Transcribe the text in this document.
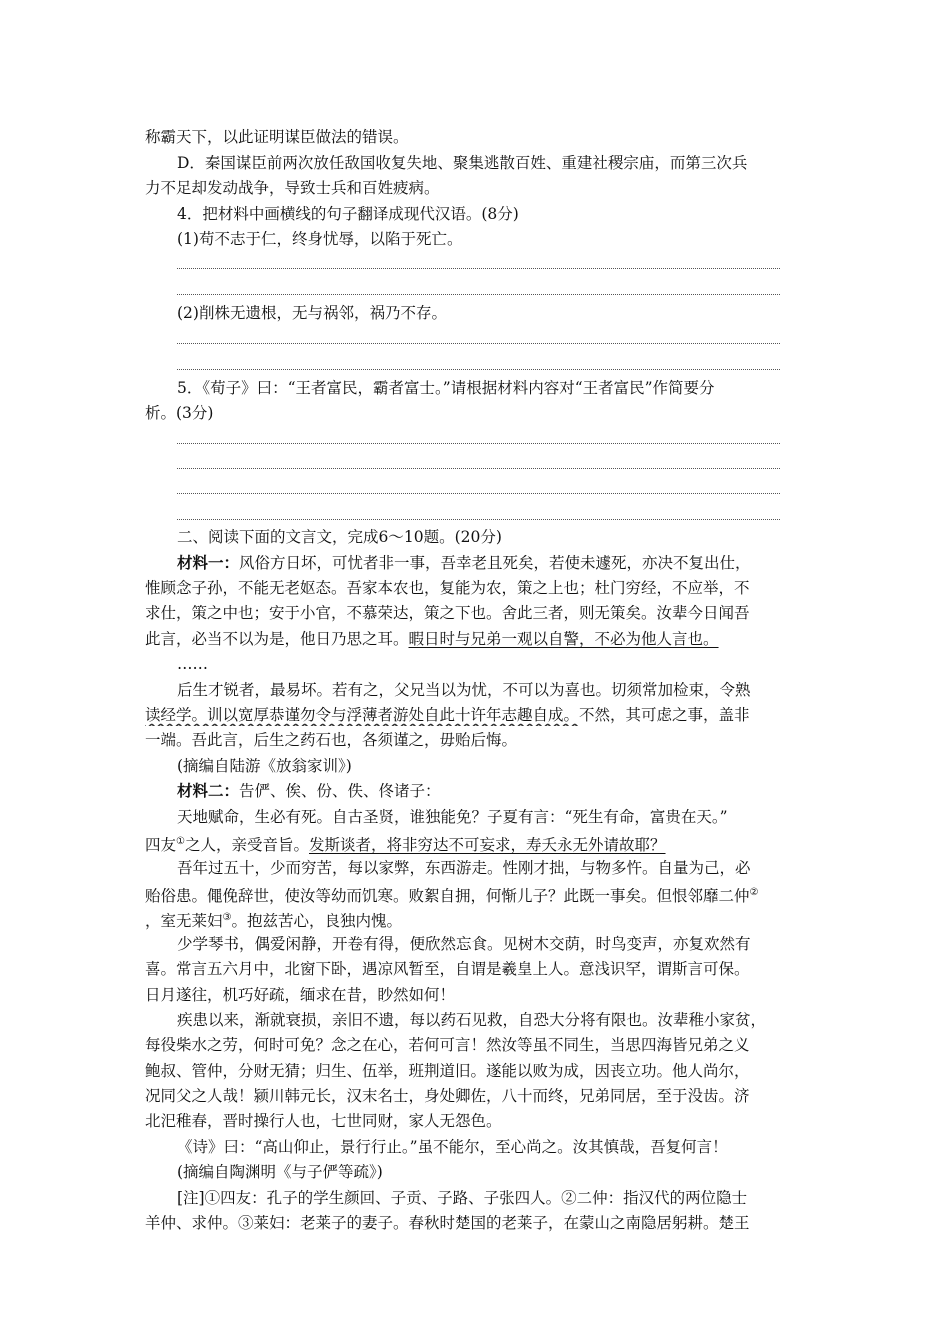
称霸天下，以此证明谋臣做法的错误。
D．秦国谋臣前两次放任敌国收复失地、聚集逃散百姓、重建社稷宗庙，而第三次兵
力不足却发动战争，导致士兵和百姓疲病。
4．把材料中画横线的句子翻译成现代汉语。(8分)
(1)苟不志于仁，终身忧辱，以陷于死亡。
(2)削株无遗根，无与祸邻，祸乃不存。
5．《荀子》曰：“王者富民，霸者富士。”请根据材料内容对“王者富民”作简要分
析。(3分)
二、阅读下面的文言文，完成6～10题。(20分)
材料一：风俗方日坏，可忧者非一事，吾幸老且死矣，若使未遽死，亦决不复出仕，
惟顾念子孙，不能无老妪态。吾家本农也，复能为农，策之上也；杜门穷经，不应举，不
求仕，策之中也；安于小官，不慕荣达，策之下也。舍此三者，则无策矣。汝辈今日闻吾
此言，必当不以为是，他日乃思之耳。暇日时与兄弟一观以自警，不必为他人言也。
……
后生才锐者，最易坏。若有之，父兄当以为忧，不可以为喜也。切须常加检束，令熟
读经学。训以宽厚恭谨勿令与浮薄者游处自此十许年志趣自成。不然，其可虑之事，盖非
一端。吾此言，后生之药石也，各须谨之，毋贻后悔。
(摘编自陆游《放翁家训》)
材料二：告俨、俟、份、佚、佟诸子：
天地赋命，生必有死。自古圣贤，谁独能免？子夏有言：“死生有命，富贵在天。”
四友①之人，亲受音旨。发斯谈者，将非穷达不可妄求，寿夭永无外请故耶？
吾年过五十，少而穷苦，每以家弊，东西游走。性刚才拙，与物多忤。自量为己，必
贻俗患。僶俛辞世，使汝等幼而饥寒。败絮自拥，何惭儿子？此既一事矣。但恨邻靡二仲②
，室无莱妇③。抱兹苦心，良独内愧。
少学琴书，偶爱闲静，开卷有得，便欣然忘食。见树木交荫，时鸟变声，亦复欢然有
喜。常言五六月中，北窗下卧，遇凉风暂至，自谓是羲皇上人。意浅识罕，谓斯言可保。
日月遂往，机巧好疏，缅求在昔，眇然如何！
疾患以来，渐就衰损，亲旧不遗，每以药石见救，自恐大分将有限也。汝辈稚小家贫，
每役柴水之劳，何时可免？念之在心，若何可言！然汝等虽不同生，当思四海皆兄弟之义
鲍叔、管仲，分财无猜；归生、伍举，班荆道旧。遂能以败为成，因丧立功。他人尚尔，
况同父之人哉！颍川韩元长，汉末名士，身处卿佐，八十而终，兄弟同居，至于没齿。济
北汜稚春，晋时操行人也，七世同财，家人无怨色。
《诗》曰：“高山仰止，景行行止。”虽不能尔，至心尚之。汝其慎哉，吾复何言！
(摘编自陶渊明《与子俨等疏》)
[注]①四友：孔子的学生颜回、子贡、子路、子张四人。②二仲：指汉代的两位隐士
羊仲、求仲。③莱妇：老莱子的妻子。春秋时楚国的老莱子，在蒙山之南隐居躬耕。楚王
